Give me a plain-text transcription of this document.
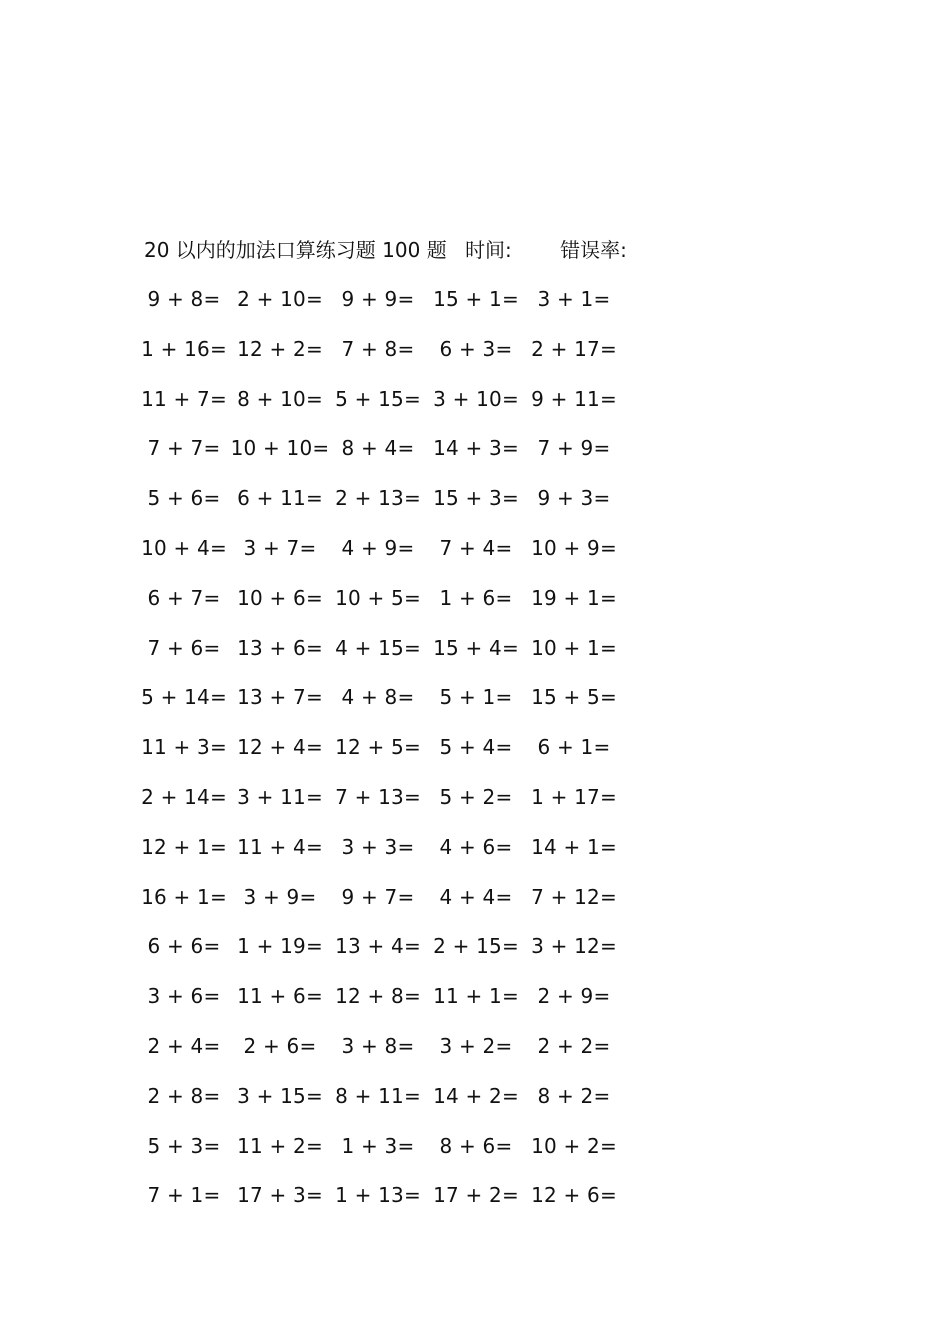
20 以内的加法口算练习题 100 题 时间: 错误率:
9 + 8= 2 + 10= 9 + 9= 15 + 1= 3 + 1=
1 + 16= 12 + 2= 7 + 8=	6 + 3= 2 + 17=
11 + 7= 8 + 10= 5 + 15= 3 + 10= 9 + 11=
7 + 7= 10 + 10= 8 + 4= 14 + 3= 7 + 9=
5 + 6= 6 + 11= 2 + 13= 15 + 3= 9 + 3=
10 + 4= 3 + 7=	4 + 9=	7 + 4= 10 + 9=
6 + 7= 10 + 6= 10 + 5= 1 + 6= 19 + 1=
7 + 6= 13 + 6= 4 + 15= 15 + 4= 10 + 1=
5 + 14= 13 + 7= 4 + 8=	5 + 1= 15 + 5=
11 + 3= 12 + 4= 12 + 5= 5 + 4=	6 + 1=
2 + 14= 3 + 11= 7 + 13= 5 + 2= 1 + 17=
12 + 1= 11 + 4= 3 + 3=	4 + 6= 14 + 1=
16 + 1= 3 + 9=	9 + 7=	4 + 4= 7 + 12=
6 + 6= 1 + 19= 13 + 4= 2 + 15= 3 + 12=
3 + 6= 11 + 6= 12 + 8= 11 + 1= 2 + 9=
2 + 4=	2 + 6=	3 + 8=	3 + 2=	2 + 2=
2 + 8= 3 + 15= 8 + 11= 14 + 2= 8 + 2=
5 + 3= 11 + 2= 1 + 3=	8 + 6= 10 + 2=
7 + 1= 17 + 3= 1 + 13= 17 + 2= 12 + 6=
